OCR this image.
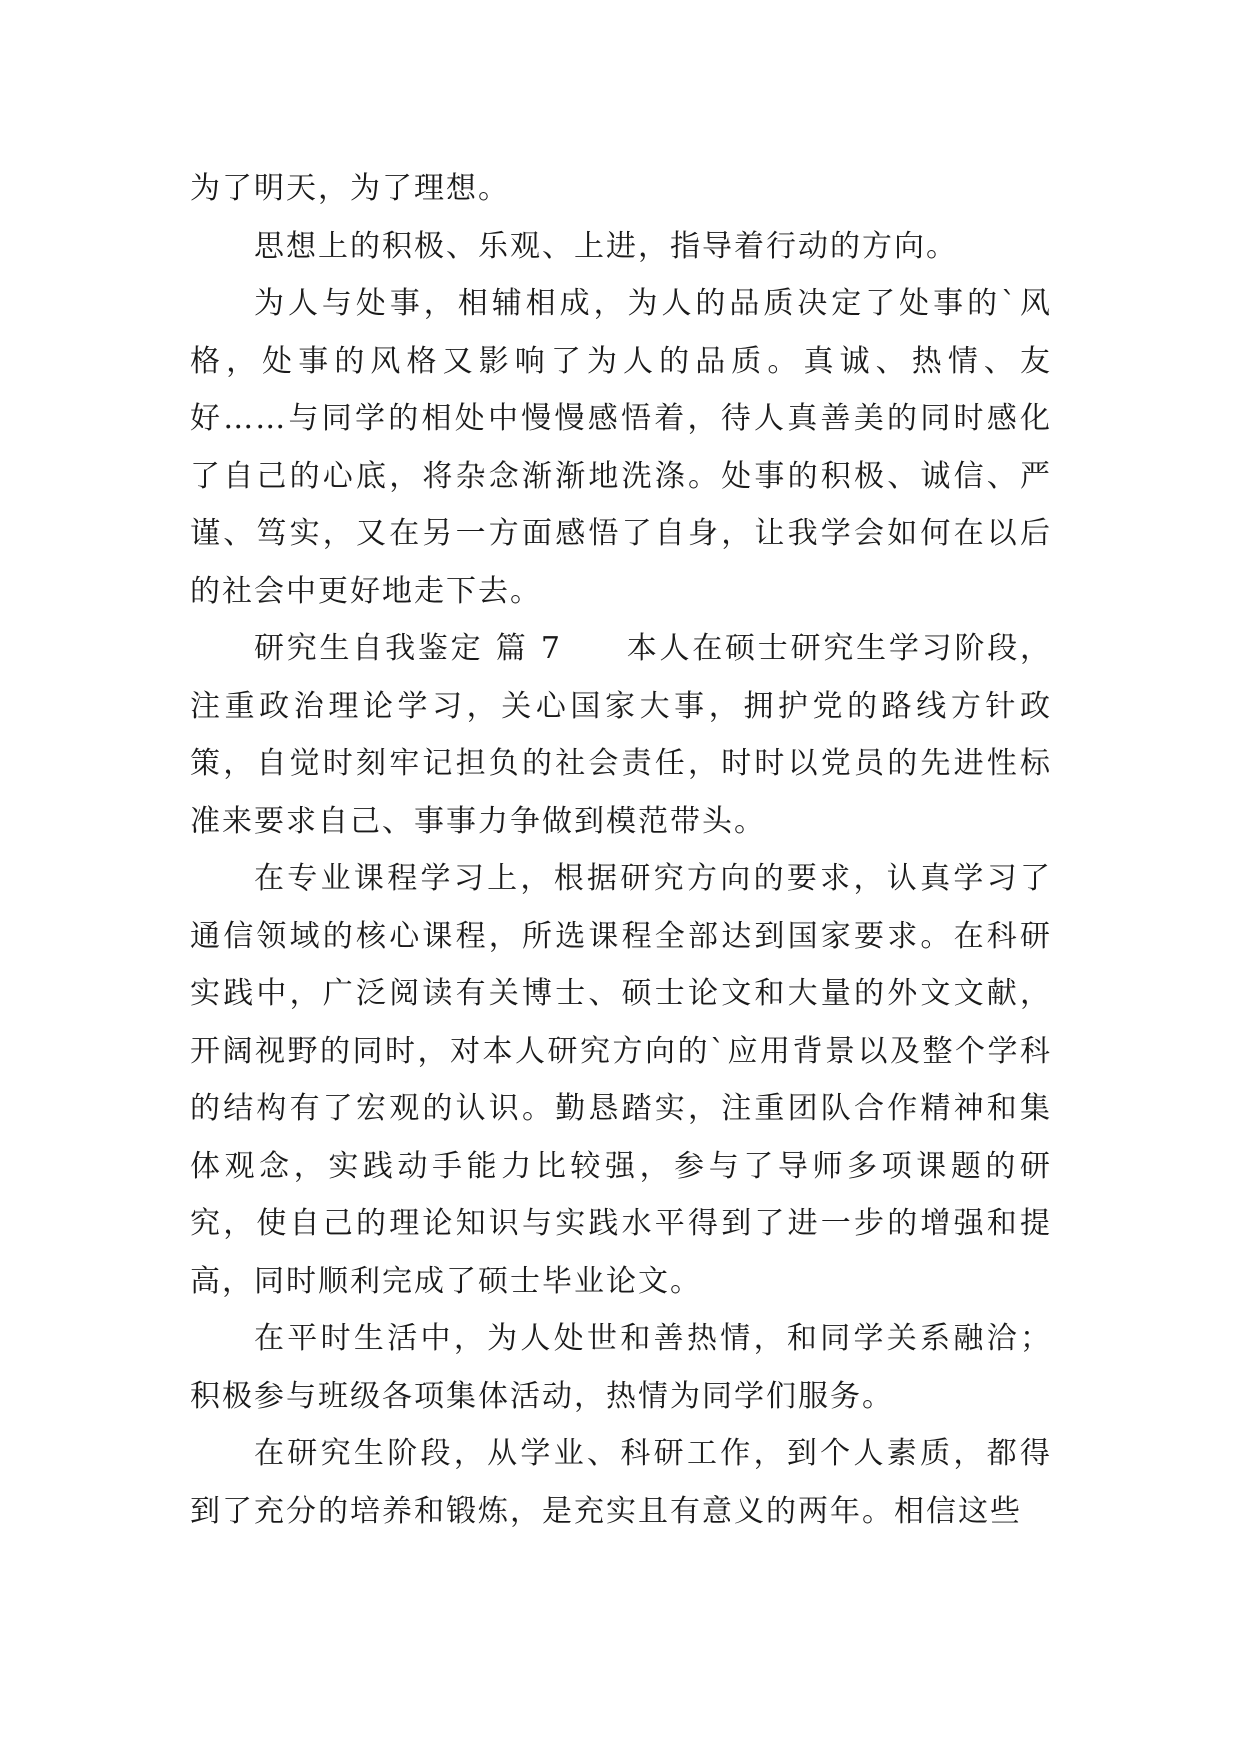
为了明天，为了理想。

思想上的积极、乐观、上进，指导着行动的方向。

为人与处事，相辅相成，为人的品质决定了处事的`风格，处事的风格又影响了为人的品质。真诚、热情、友好……与同学的相处中慢慢感悟着，待人真善美的同时感化了自己的心底，将杂念渐渐地洗涤。处事的积极、诚信、严谨、笃实，又在另一方面感悟了自身，让我学会如何在以后的社会中更好地走下去。

研究生自我鉴定 篇 7 本人在硕士研究生学习阶段，注重政治理论学习，关心国家大事，拥护党的路线方针政策，自觉时刻牢记担负的社会责任，时时以党员的先进性标准来要求自己、事事力争做到模范带头。

在专业课程学习上，根据研究方向的要求，认真学习了通信领域的核心课程，所选课程全部达到国家要求。在科研实践中，广泛阅读有关博士、硕士论文和大量的外文文献，开阔视野的同时，对本人研究方向的`应用背景以及整个学科的结构有了宏观的认识。勤恳踏实，注重团队合作精神和集体观念，实践动手能力比较强，参与了导师多项课题的研究，使自己的理论知识与实践水平得到了进一步的增强和提高，同时顺利完成了硕士毕业论文。

在平时生活中，为人处世和善热情，和同学关系融洽；积极参与班级各项集体活动，热情为同学们服务。

在研究生阶段，从学业、科研工作，到个人素质，都得到了充分的培养和锻炼，是充实且有意义的两年。相信这些
